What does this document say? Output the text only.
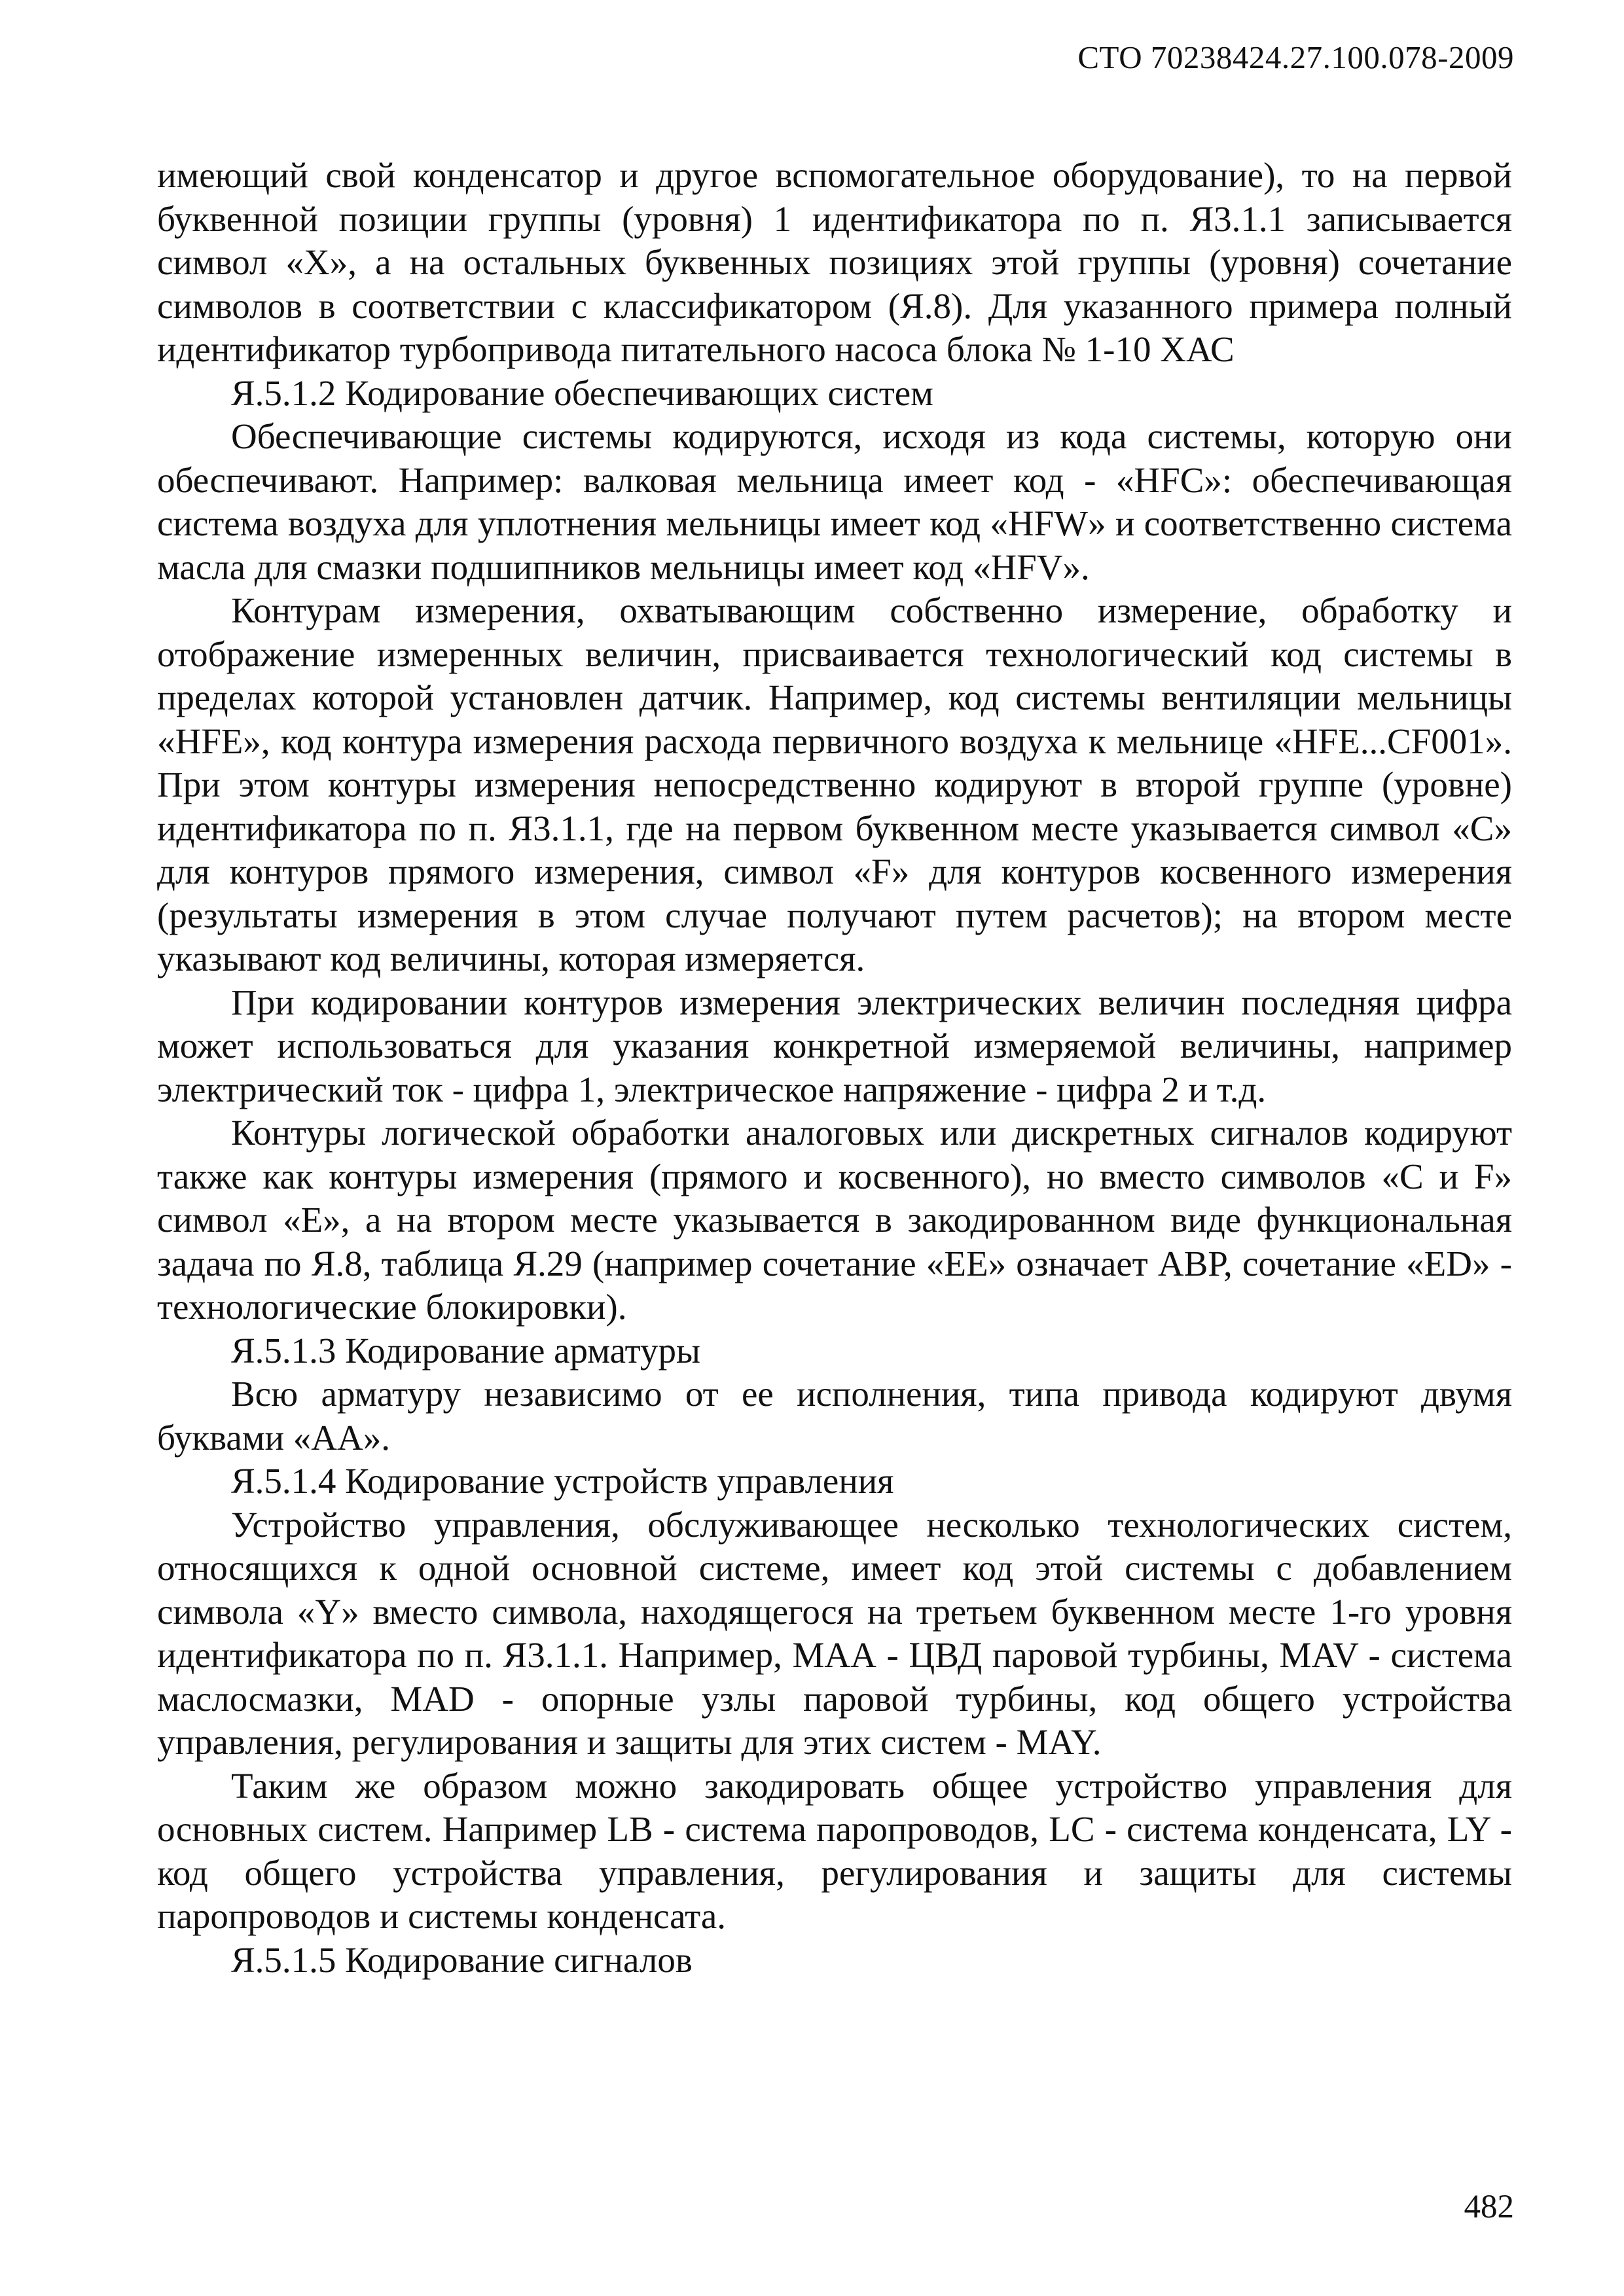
СТО 70238424.27.100.078-2009

имеющий свой конденсатор и другое вспомогательное оборудование), то на первой буквенной позиции группы (уровня) 1 идентификатора по п. Я3.1.1 записывается символ «X», а на остальных буквенных позициях этой группы (уровня) сочетание символов в соответствии с классификатором (Я.8). Для указанного примера полный идентификатор турбопривода питательного насоса блока № 1-10 ХАС

Я.5.1.2 Кодирование обеспечивающих систем

Обеспечивающие системы кодируются, исходя из кода системы, которую они обеспечивают. Например: валковая мельница имеет код - «HFC»: обеспечивающая система воздуха для уплотнения мельницы имеет код «HFW» и соответственно система масла для смазки подшипников мельницы имеет код «HFV».

Контурам измерения, охватывающим собственно измерение, обработку и отображение измеренных величин, присваивается технологический код системы в пределах которой установлен датчик. Например, код системы вентиляции мельницы «HFE», код контура измерения расхода первичного воздуха к мельнице «HFE...CF001». При этом контуры измерения непосредственно кодируют в второй группе (уровне) идентификатора по п. Я3.1.1, где на первом буквенном месте указывается символ «С» для контуров прямого измерения, символ «F» для контуров косвенного измерения (результаты измерения в этом случае получают путем расчетов); на втором месте указывают код величины, которая измеряется.

При кодировании контуров измерения электрических величин последняя цифра может использоваться для указания конкретной измеряемой величины, например электрический ток - цифра 1, электрическое напряжение - цифра 2 и т.д.

Контуры логической обработки аналоговых или дискретных сигналов кодируют также как контуры измерения (прямого и косвенного), но вместо символов «С и F» символ «Е», а на втором месте указывается в закодированном виде функциональная задача по Я.8, таблица Я.29 (например сочетание «ЕЕ» означает АВР, сочетание «ED» - технологические блокировки).

Я.5.1.3 Кодирование арматуры

Всю арматуру независимо от ее исполнения, типа привода кодируют двумя буквами «АА».

Я.5.1.4 Кодирование устройств управления

Устройство управления, обслуживающее несколько технологических систем, относящихся к одной основной системе, имеет код этой системы с добавлением символа «Y» вместо символа, находящегося на третьем буквенном месте 1-го уровня идентификатора по п. Я3.1.1. Например, МАА - ЦВД паровой турбины, MAV - система маслосмазки, MAD - опорные узлы паровой турбины, код общего устройства управления, регулирования и защиты для этих систем - MAY.

Таким же образом можно закодировать общее устройство управления для основных систем. Например LB - система паропроводов, LC - система конденсата, LY - код общего устройства управления, регулирования и защиты для системы паропроводов и системы конденсата.

Я.5.1.5 Кодирование сигналов

482
